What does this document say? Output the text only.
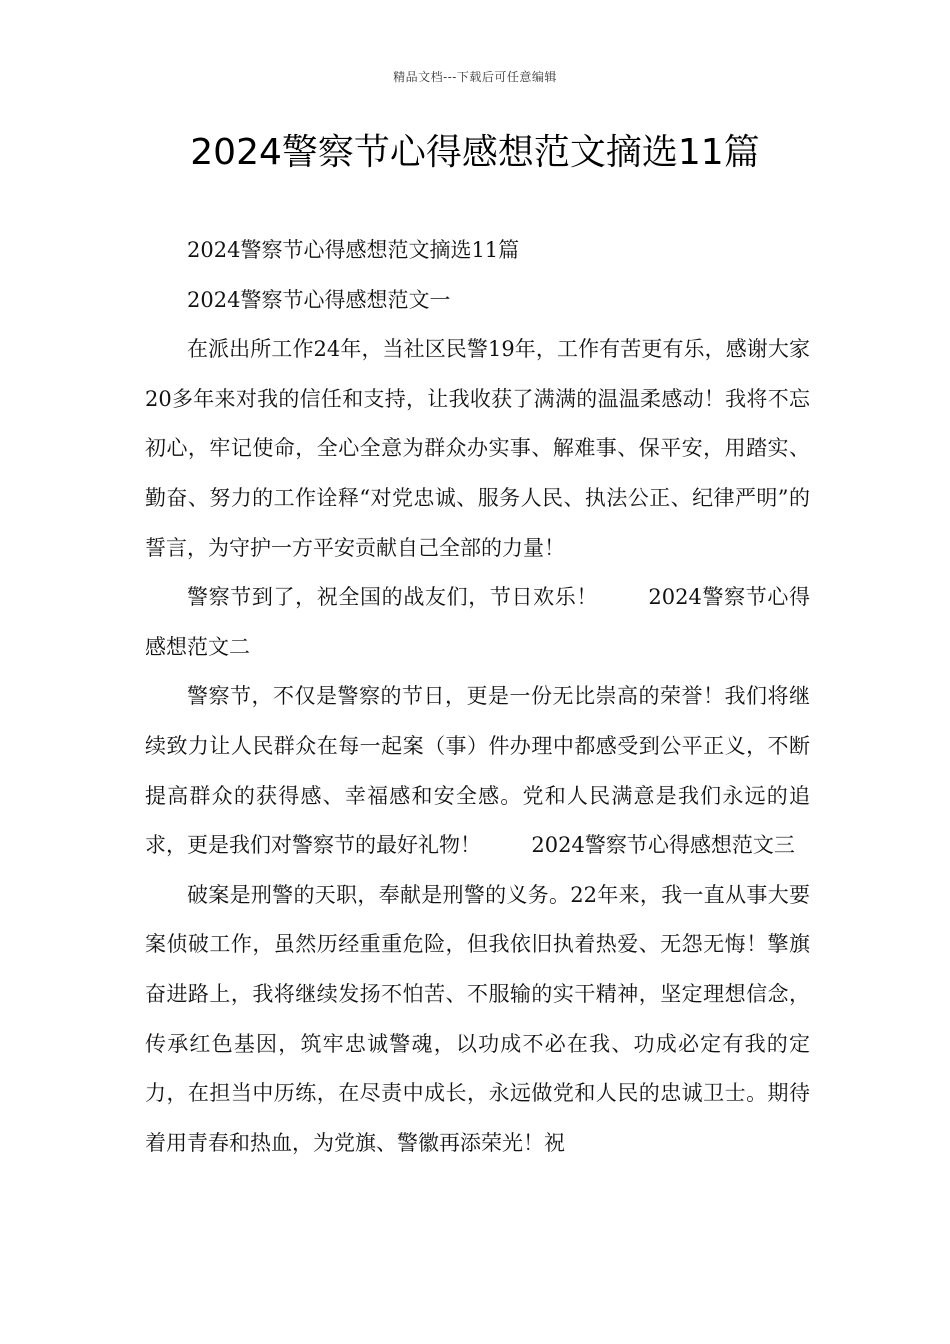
精品文档---下载后可任意编辑
2024警察节心得感想范文摘选11篇

2024警察节心得感想范文摘选11篇

2024警察节心得感想范文一

在派出所工作24年，当社区民警19年，工作有苦更有乐，感谢大家20多年来对我的信任和支持，让我收获了满满的温温柔感动！我将不忘初心，牢记使命，全心全意为群众办实事、解难事、保平安，用踏实、勤奋、努力的工作诠释“对党忠诚、服务人民、执法公正、纪律严明”的誓言，为守护一方平安贡献自己全部的力量！

警察节到了，祝全国的战友们，节日欢乐！ 2024警察节心得感想范文二

警察节，不仅是警察的节日，更是一份无比崇高的荣誉！我们将继续致力让人民群众在每一起案（事）件办理中都感受到公平正义，不断提高群众的获得感、幸福感和安全感。党和人民满意是我们永远的追求，更是我们对警察节的最好礼物！ 2024警察节心得感想范文三

破案是刑警的天职，奉献是刑警的义务。22年来，我一直从事大要案侦破工作，虽然历经重重危险，但我依旧执着热爱、无怨无悔！擎旗奋进路上，我将继续发扬不怕苦、不服输的实干精神，坚定理想信念，传承红色基因，筑牢忠诚警魂，以功成不必在我、功成必定有我的定力，在担当中历练，在尽责中成长，永远做党和人民的忠诚卫士。期待着用青春和热血，为党旗、警徽再添荣光！祝
